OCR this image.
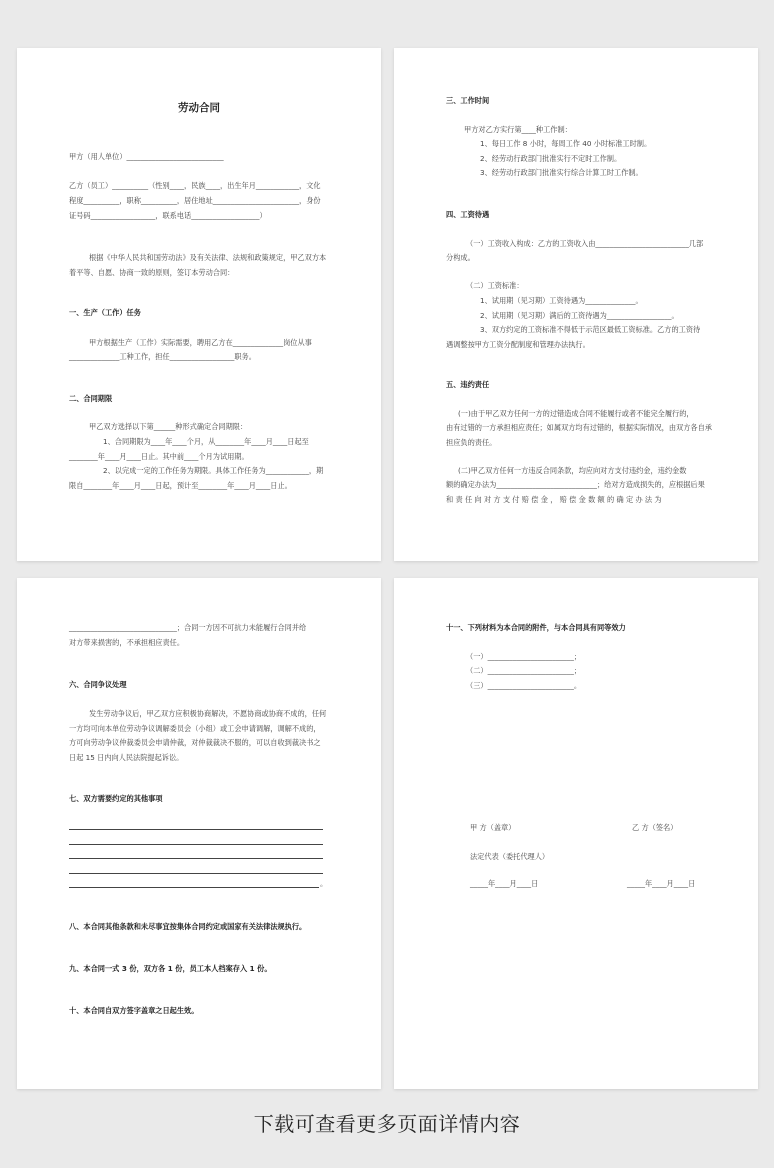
劳动合同
甲方（用人单位）___________________________
乙方（员工）__________（性别____，民族____，出生年月____________，文化
程度__________，职称__________，居住地址________________________，身份
证号码__________________，联系电话___________________）
根据《中华人民共和国劳动法》及有关法律、法规和政策规定，甲乙双方本
着平等、自愿、协商一致的原则，签订本劳动合同：
一、生产（工作）任务
甲方根据生产（工作）实际需要，聘用乙方在______________岗位从事
______________工种工作，担任__________________职务。
二、合同期限
甲乙双方选择以下第______种形式确定合同期限：
1、合同期限为____年____个月，从________年____月____日起至
________年____月____日止。其中前____个月为试用期。
2、以完成一定的工作任务为期限。具体工作任务为____________，期
限自________年____月____日起，预计至________年____月____日止。
三、工作时间
甲方对乙方实行第____种工作制：
1、每日工作 8 小时，每周工作 40 小时标准工时制。
2、经劳动行政部门批准实行不定时工作制。
3、经劳动行政部门批准实行综合计算工时工作制。
四、工资待遇
（一）工资收入构成：乙方的工资收入由__________________________几部
分构成。
（二）工资标准：
1、试用期（见习期）工资待遇为______________。
2、试用期（见习期）满后的工资待遇为__________________。
3、双方约定的工资标准不得低于示范区最低工资标准。乙方的工资待
遇调整按甲方工资分配制度和管理办法执行。
五、违约责任
(一)由于甲乙双方任何一方的过错造成合同不能履行或者不能完全履行的，
由有过错的一方承担相应责任；如属双方均有过错的，根据实际情况，由双方各自承
担应负的责任。
(二)甲乙双方任何一方违反合同条款，均应向对方支付违约金，违约金数
额的确定办法为____________________________；给对方造成损失的，应根据后果
和 责 任 向 对 方 支 付 赔 偿 金 ， 赔 偿 金 数 额 的 确 定 办 法 为
______________________________；合同一方因不可抗力未能履行合同并给
对方带来损害的，不承担相应责任。
六、合同争议处理
发生劳动争议后，甲乙双方应积极协商解决，不愿协商或协商不成的，任何
一方均可向本单位劳动争议调解委员会（小组）或工会申请调解，调解不成的，
方可向劳动争议仲裁委员会申请仲裁，对仲裁裁决不服的，可以自收到裁决书之
日起 15 日内向人民法院提起诉讼。
七、双方需要约定的其他事项
。
八、本合同其他条款和未尽事宜按集体合同约定或国家有关法律法规执行。
九、本合同一式 3 份，双方各 1 份，员工本人档案存入 1 份。
十、本合同自双方签字盖章之日起生效。
十一、下列材料为本合同的附件，与本合同具有同等效力
（一）________________________；
（二）________________________；
（三）________________________。
甲 方（盖章）	乙 方（签名）
法定代表（委托代理人）
_____年____月____日	_____年____月____日
下载可查看更多页面详情内容
